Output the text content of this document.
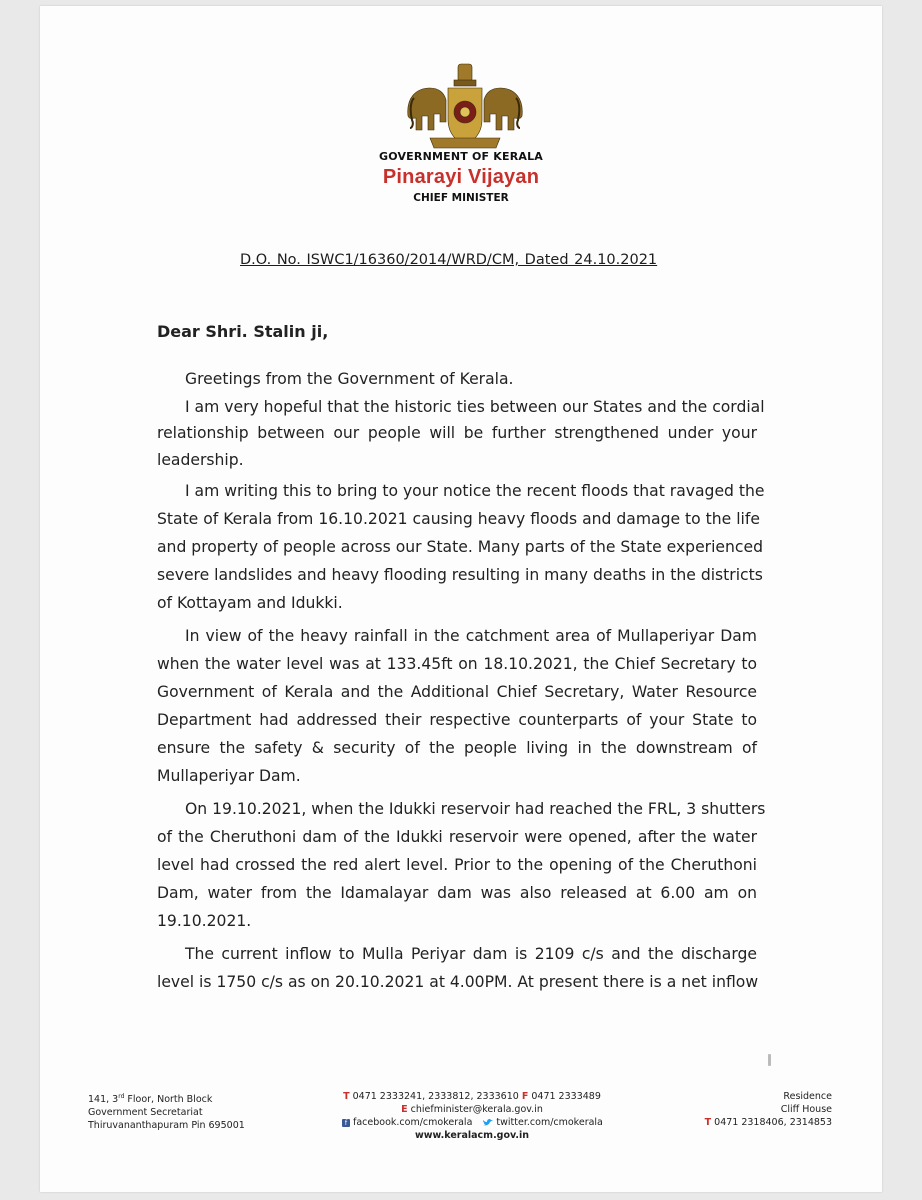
GOVERNMENT OF KERALA
Pinarayi Vijayan
CHIEF MINISTER
D.O. No. ISWC1/16360/2014/WRD/CM, Dated 24.10.2021
Dear Shri. Stalin ji,
Greetings from the Government of Kerala.
I am very hopeful that the historic ties between our States and the cordial
relationship between our people will be further strengthened under your
leadership.
I am writing this to bring to your notice the recent floods that ravaged the
State of Kerala from 16.10.2021 causing heavy floods and damage to the life
and property of people across our State. Many parts of the State experienced
severe landslides and heavy flooding resulting in many deaths in the districts
of Kottayam and Idukki.
In view of the heavy rainfall in the catchment area of Mullaperiyar Dam
when the water level was at 133.45ft on 18.10.2021, the Chief Secretary to
Government of Kerala and the Additional Chief Secretary, Water Resource
Department had addressed their respective counterparts of your State to
ensure the safety & security of the people living in the downstream of
Mullaperiyar Dam.
On 19.10.2021, when the Idukki reservoir had reached the FRL, 3 shutters
of the Cheruthoni dam of the Idukki reservoir were opened, after the water
level had crossed the red alert level. Prior to the opening of the Cheruthoni
Dam, water from the Idamalayar dam was also released at 6.00 am on
19.10.2021.
The current inflow to Mulla Periyar dam is 2109 c/s and the discharge
level is 1750 c/s as on 20.10.2021 at 4.00PM. At present there is a net inflow
141, 3rd Floor, North Block
Government Secretariat
Thiruvananthapuram Pin 695001
T 0471 2333241, 2333812, 2333610 F 0471 2333489
E chiefminister@kerala.gov.in
f facebook.com/cmokerala	twitter.com/cmokerala
www.keralacm.gov.in
Residence
Cliff House
T 0471 2318406, 2314853
